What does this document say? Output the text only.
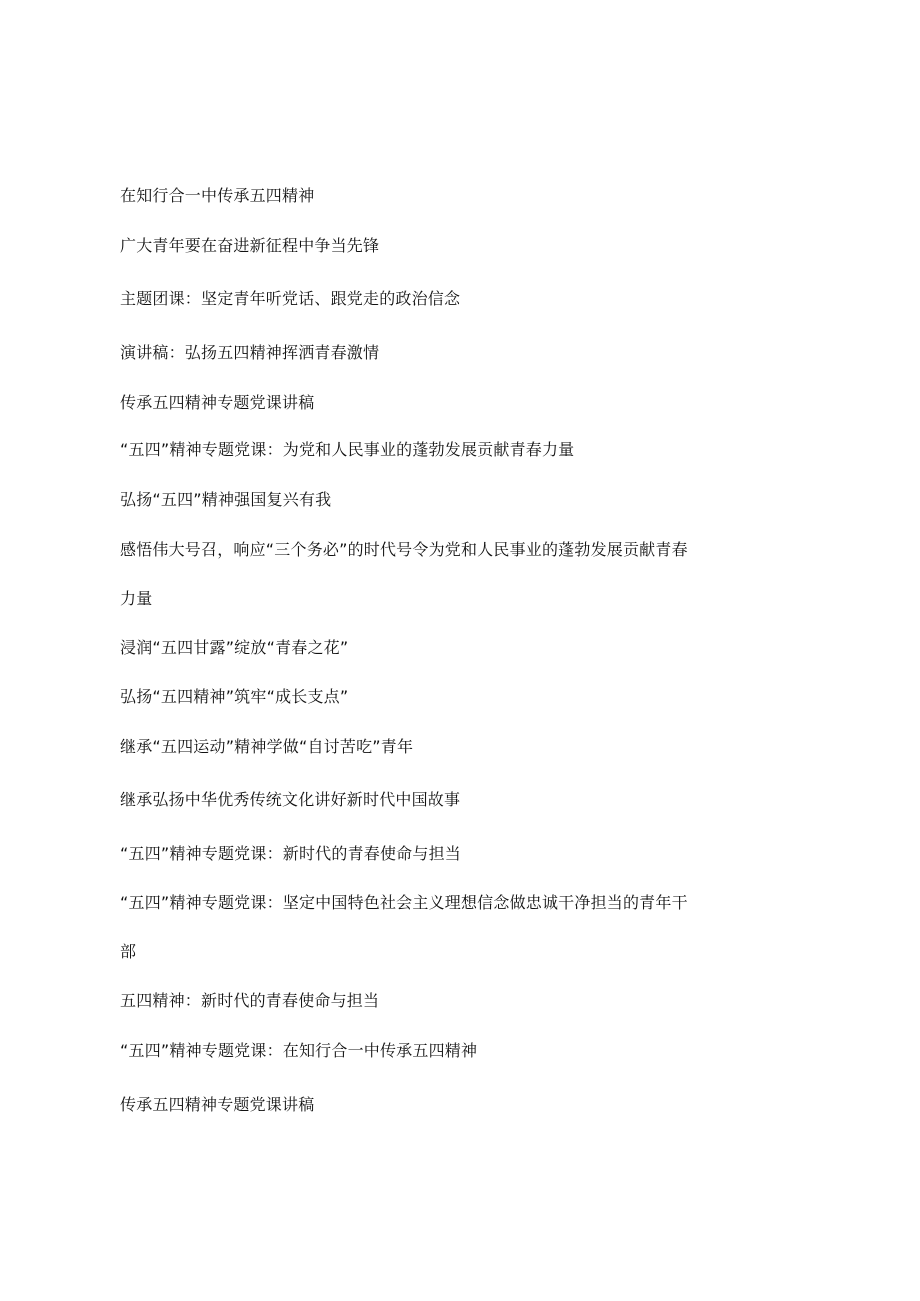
在知行合一中传承五四精神
广大青年要在奋进新征程中争当先锋
主题团课：坚定青年听党话、跟党走的政治信念
演讲稿：弘扬五四精神挥洒青春激情
传承五四精神专题党课讲稿
“五四”精神专题党课：为党和人民事业的蓬勃发展贡献青春力量
弘扬“五四”精神强国复兴有我
感悟伟大号召，响应“三个务必”的时代号令为党和人民事业的蓬勃发展贡献青春
力量
浸润“五四甘露”绽放“青春之花”
弘扬“五四精神”筑牢“成长支点”
继承“五四运动”精神学做“自讨苦吃”青年
继承弘扬中华优秀传统文化讲好新时代中国故事
“五四”精神专题党课：新时代的青春使命与担当
“五四”精神专题党课：坚定中国特色社会主义理想信念做忠诚干净担当的青年干
部
五四精神：新时代的青春使命与担当
“五四”精神专题党课：在知行合一中传承五四精神
传承五四精神专题党课讲稿
